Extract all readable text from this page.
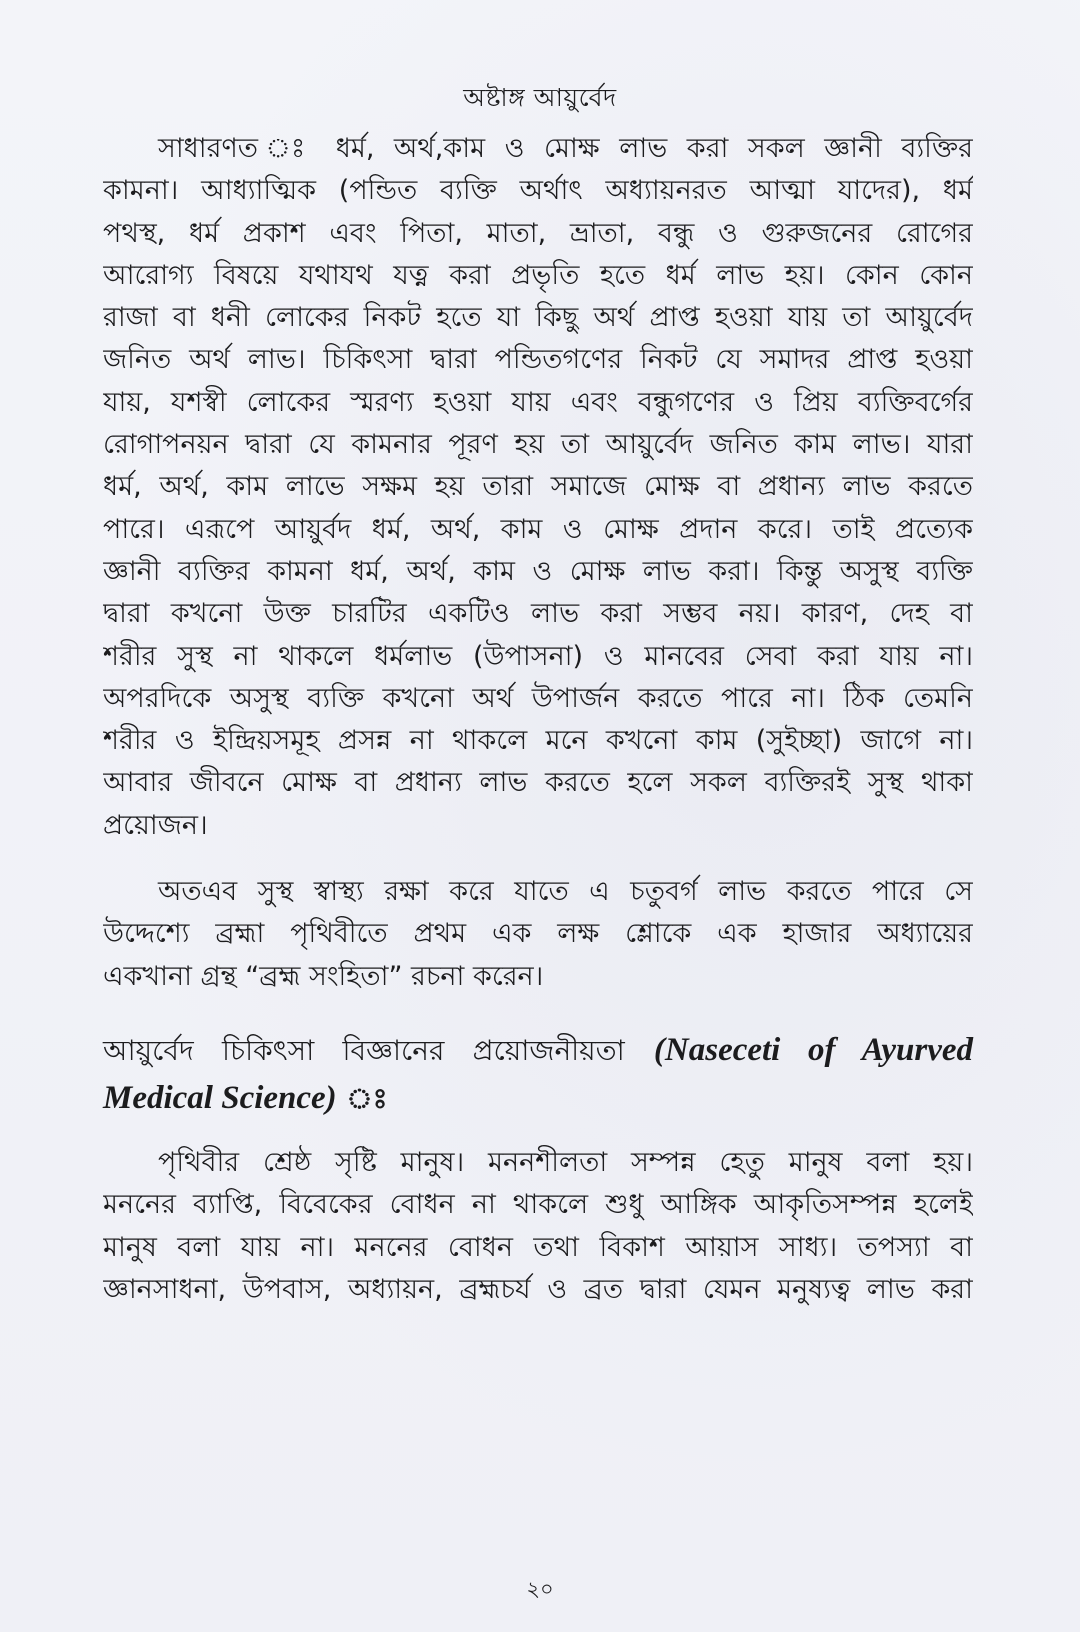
অষ্টাঙ্গ আয়ুর্বেদ
সাধারণত ঃ ধর্ম, অর্থ,কাম ও মোক্ষ লাভ করা সকল জ্ঞানী ব্যক্তির
কামনা। আধ্যাত্মিক (পন্ডিত ব্যক্তি অর্থাৎ অধ্যায়নরত আত্মা যাদের), ধর্ম
পথস্থ, ধর্ম প্রকাশ এবং পিতা, মাতা, ভ্রাতা, বন্ধু ও গুরুজনের রোগের
আরোগ্য বিষয়ে যথাযথ যত্ন করা প্রভৃতি হতে ধর্ম লাভ হয়। কোন কোন
রাজা বা ধনী লোকের নিকট হতে যা কিছু অর্থ প্রাপ্ত হওয়া যায় তা আয়ুর্বেদ
জনিত অর্থ লাভ। চিকিৎসা দ্বারা পন্ডিতগণের নিকট যে সমাদর প্রাপ্ত হওয়া
যায়, যশস্বী লোকের স্মরণ্য হওয়া যায় এবং বন্ধুগণের ও প্রিয় ব্যক্তিবর্গের
রোগাপনয়ন দ্বারা যে কামনার পূরণ হয় তা আয়ুর্বেদ জনিত কাম লাভ। যারা
ধর্ম, অর্থ, কাম লাভে সক্ষম হয় তারা সমাজে মোক্ষ বা প্রধান্য লাভ করতে
পারে। এরূপে আয়ুর্বদ ধর্ম, অর্থ, কাম ও মোক্ষ প্রদান করে। তাই প্রত্যেক
জ্ঞানী ব্যক্তির কামনা ধর্ম, অর্থ, কাম ও মোক্ষ লাভ করা। কিন্তু অসুস্থ ব্যক্তি
দ্বারা কখনো উক্ত চারটির একটিও লাভ করা সম্ভব নয়। কারণ, দেহ বা
শরীর সুস্থ না থাকলে ধর্মলাভ (উপাসনা) ও মানবের সেবা করা যায় না।
অপরদিকে অসুস্থ ব্যক্তি কখনো অর্থ উপার্জন করতে পারে না। ঠিক তেমনি
শরীর ও ইন্দ্রিয়সমূহ প্রসন্ন না থাকলে মনে কখনো কাম (সুইচ্ছা) জাগে না।
আবার জীবনে মোক্ষ বা প্রধান্য লাভ করতে হলে সকল ব্যক্তিরই সুস্থ থাকা
প্রয়োজন।
অতএব সুস্থ স্বাস্থ্য রক্ষা করে যাতে এ চতুবর্গ লাভ করতে পারে সে
উদ্দেশ্যে ব্রহ্মা পৃথিবীতে প্রথম এক লক্ষ শ্লোকে এক হাজার অধ্যায়ের
একখানা গ্রন্থ “ব্রহ্ম সংহিতা” রচনা করেন।
আয়ুর্বেদ চিকিৎসা বিজ্ঞানের প্রয়োজনীয়তা (Naseceti of Ayurved
Medical Science) ঃ
পৃথিবীর শ্রেষ্ঠ সৃষ্টি মানুষ। মননশীলতা সম্পন্ন হেতু মানুষ বলা হয়।
মননের ব্যাপ্তি, বিবেকের বোধন না থাকলে শুধু আঙ্গিক আকৃতিসম্পন্ন হলেই
মানুষ বলা যায় না। মননের বোধন তথা বিকাশ আয়াস সাধ্য। তপস্যা বা
জ্ঞানসাধনা, উপবাস, অধ্যায়ন, ব্রহ্মচর্য ও ব্রত দ্বারা যেমন মনুষ্যত্ব লাভ করা
২০
